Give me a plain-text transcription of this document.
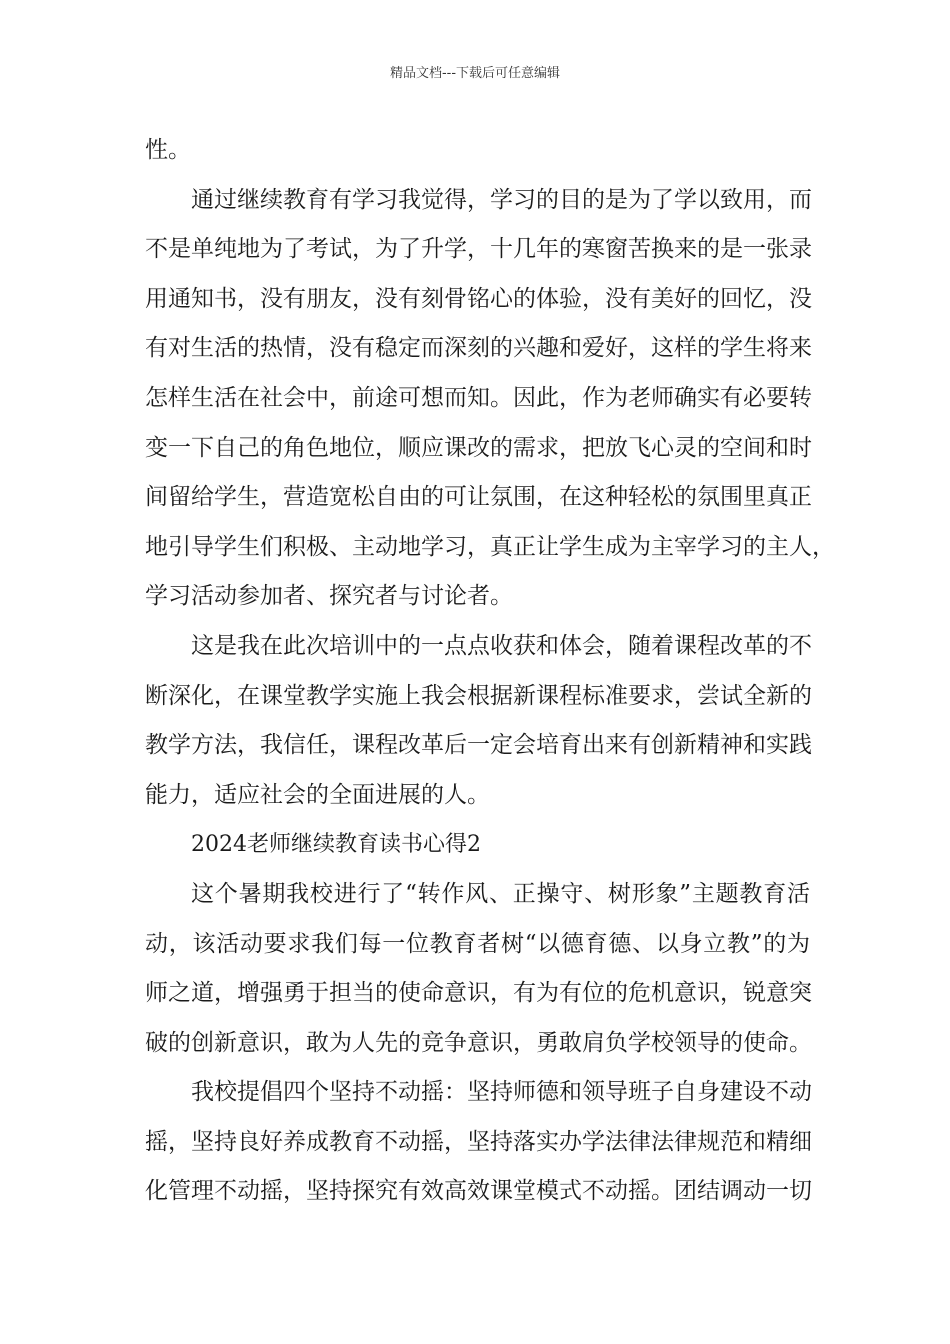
精品文档---下载后可任意编辑
性。
通过继续教育有学习我觉得，学习的目的是为了学以致用，而
不是单纯地为了考试，为了升学，十几年的寒窗苦换来的是一张录
用通知书，没有朋友，没有刻骨铭心的体验，没有美好的回忆，没
有对生活的热情，没有稳定而深刻的兴趣和爱好，这样的学生将来
怎样生活在社会中，前途可想而知。因此，作为老师确实有必要转
变一下自己的角色地位，顺应课改的需求，把放飞心灵的空间和时
间留给学生，营造宽松自由的可让氛围，在这种轻松的氛围里真正
地引导学生们积极、主动地学习，真正让学生成为主宰学习的主人，
学习活动参加者、探究者与讨论者。
这是我在此次培训中的一点点收获和体会，随着课程改革的不
断深化，在课堂教学实施上我会根据新课程标准要求，尝试全新的
教学方法，我信任，课程改革后一定会培育出来有创新精神和实践
能力，适应社会的全面进展的人。
2024老师继续教育读书心得2
这个暑期我校进行了“转作风、正操守、树形象”主题教育活
动，该活动要求我们每一位教育者树“以德育德、以身立教”的为
师之道，增强勇于担当的使命意识，有为有位的危机意识，锐意突
破的创新意识，敢为人先的竞争意识，勇敢肩负学校领导的使命。
我校提倡四个坚持不动摇：坚持师德和领导班子自身建设不动
摇，坚持良好养成教育不动摇，坚持落实办学法律法律规范和精细
化管理不动摇，坚持探究有效高效课堂模式不动摇。团结调动一切
